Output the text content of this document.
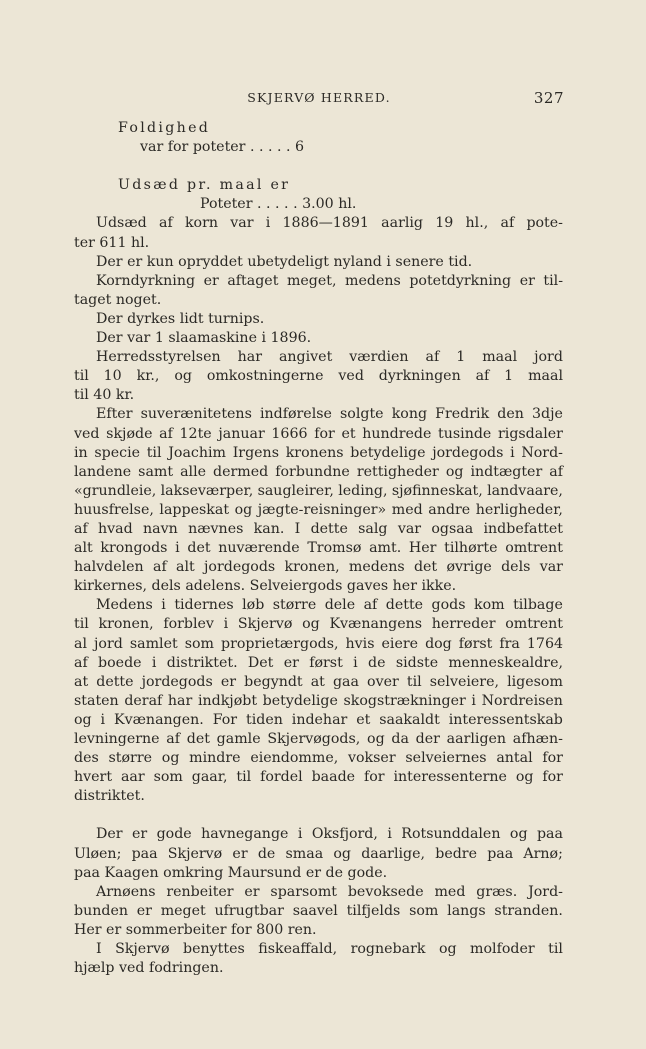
SKJERVØ HERRED.	327
Foldighed
var for poteter . . . . . 6
Udsæd pr. maal er
Poteter . . . . . 3.00 hl.
Udsæd af korn var i 1886—1891 aarlig 19 hl., af pote-
ter 611 hl.
Der er kun opryddet ubetydeligt nyland i senere tid.
Korndyrkning er aftaget meget, medens potetdyrkning er til-
taget noget.
Der dyrkes lidt turnips.
Der var 1 slaamaskine i 1896.
Herredsstyrelsen har angivet værdien af 1 maal jord
til 10 kr., og omkostningerne ved dyrkningen af 1 maal
til 40 kr.
Efter suverænitetens indførelse solgte kong Fredrik den 3dje
ved skjøde af 12te januar 1666 for et hundrede tusinde rigsdaler
in specie til Joachim Irgens kronens betydelige jordegods i Nord-
landene samt alle dermed forbundne rettigheder og indtægter af
«grundleie, lakseværper, saugleirer, leding, sjøfinneskat, landvaare,
huusfrelse, lappeskat og jægte-reisninger» med andre herligheder,
af hvad navn nævnes kan. I dette salg var ogsaa indbefattet
alt krongods i det nuværende Tromsø amt. Her tilhørte omtrent
halvdelen af alt jordegods kronen, medens det øvrige dels var
kirkernes, dels adelens. Selveiergods gaves her ikke.
Medens i tidernes løb større dele af dette gods kom tilbage
til kronen, forblev i Skjervø og Kvænangens herreder omtrent
al jord samlet som proprietærgods, hvis eiere dog først fra 1764
af boede i distriktet. Det er først i de sidste menneskealdre,
at dette jordegods er begyndt at gaa over til selveiere, ligesom
staten deraf har indkjøbt betydelige skogstrækninger i Nordreisen
og i Kvænangen. For tiden indehar et saakaldt interessentskab
levningerne af det gamle Skjervøgods, og da der aarligen afhæn-
des større og mindre eiendomme, vokser selveiernes antal for
hvert aar som gaar, til fordel baade for interessenterne og for
distriktet.
Der er gode havnegange i Oksfjord, i Rotsunddalen og paa
Uløen; paa Skjervø er de smaa og daarlige, bedre paa Arnø;
paa Kaagen omkring Maursund er de gode.
Arnøens renbeiter er sparsomt bevoksede med græs. Jord-
bunden er meget ufrugtbar saavel tilfjelds som langs stranden.
Her er sommerbeiter for 800 ren.
I Skjervø benyttes fiskeaffald, rognebark og molfoder til
hjælp ved fodringen.
